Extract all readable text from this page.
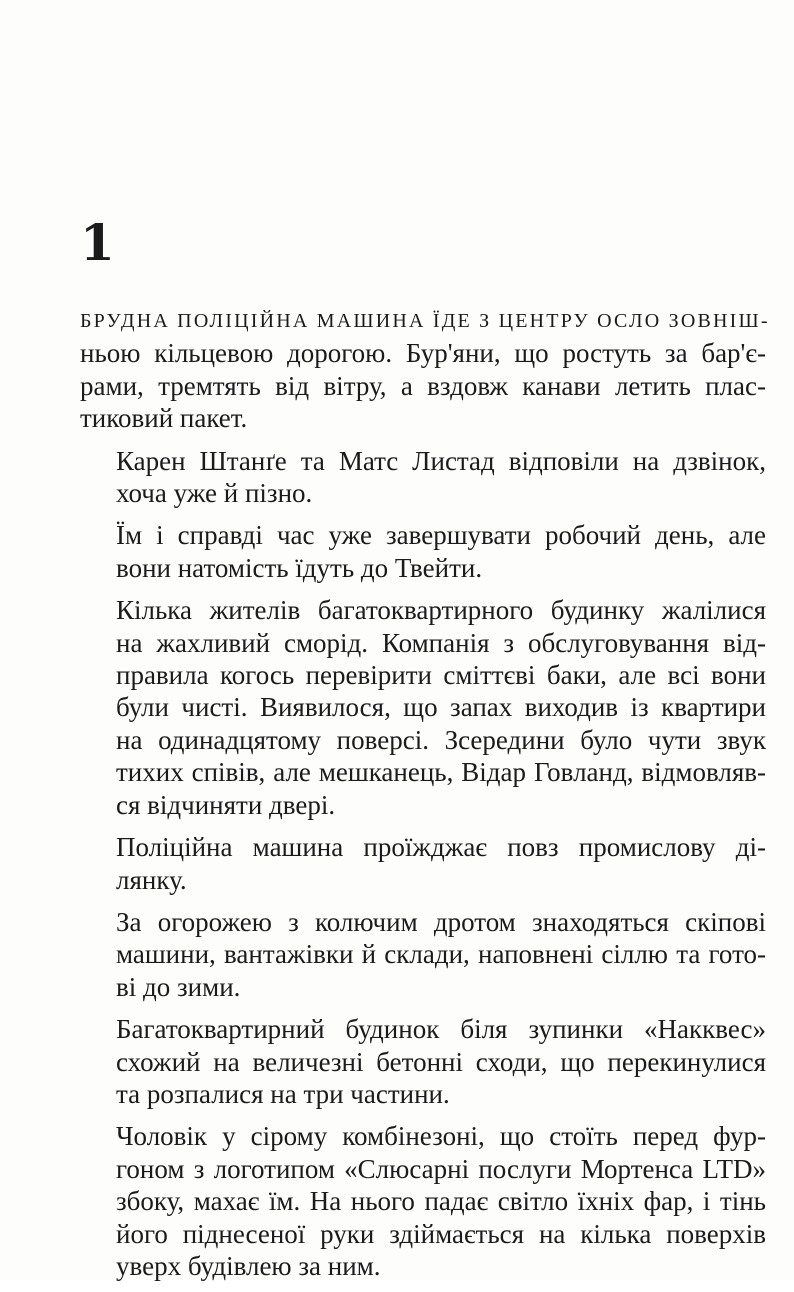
1

БРУДНА ПОЛІЦІЙНА МАШИНА ЇДЕ З ЦЕНТРУ ОСЛО ЗОВНІШ-
ньою кільцевою дорогою. Бур'яни, що ростуть за бар'є-
рами, тремтять від вітру, а вздовж канави летить плас-
тиковий пакет.

Карен Штанґе та Матс Листад відповіли на дзвінок,
хоча уже й пізно.

Їм і справді час уже завершувати робочий день, але
вони натомість їдуть до Твейти.

Кілька жителів багатоквартирного будинку жалілися
на жахливий сморід. Компанія з обслуговування від-
правила когось перевірити сміттєві баки, але всі вони
були чисті. Виявилося, що запах виходив із квартири
на одинадцятому поверсі. Зсередини було чути звук
тихих співів, але мешканець, Відар Говланд, відмовляв-
ся відчиняти двері.

Поліційна машина проїжджає повз промислову ді-
лянку.

За огорожею з колючим дротом знаходяться скіпові
машини, вантажівки й склади, наповнені сіллю та гото-
ві до зими.

Багатоквартирний будинок біля зупинки «Накквес»
схожий на величезні бетонні сходи, що перекинулися
та розпалися на три частини.

Чоловік у сірому комбінезоні, що стоїть перед фур-
гоном з логотипом «Слюсарні послуги Мортенса LTD»
збоку, махає їм. На нього падає світло їхніх фар, і тінь
його піднесеної руки здіймається на кілька поверхів
уверх будівлею за ним.
